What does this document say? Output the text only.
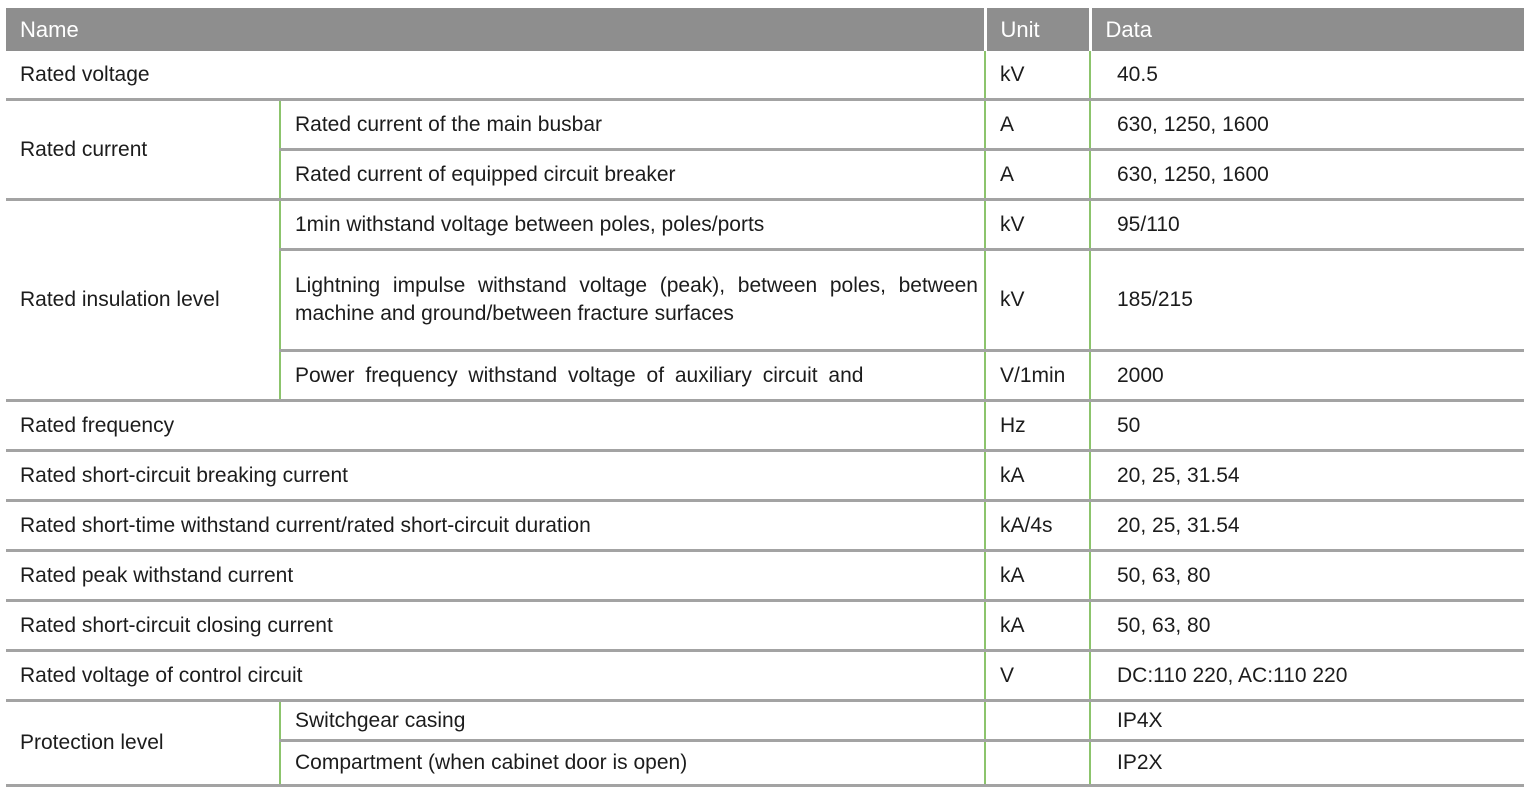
Name		Unit	Data
Rated voltage		kV	40.5
Rated current	Rated current of the main busbar	A	630, 1250, 1600
	Rated current of equipped circuit breaker	A	630, 1250, 1600
Rated insulation level	1min withstand voltage between poles, poles/ports	kV	95/110
	Lightning impulse withstand voltage (peak), between poles, between machine and ground/between fracture surfaces	kV	185/215
	Power frequency withstand voltage of auxiliary circuit and	V/1min	2000
Rated frequency		Hz	50
Rated short-circuit breaking current		kA	20, 25, 31.54
Rated short-time withstand current/rated short-circuit duration		kA/4s	20, 25, 31.54
Rated peak withstand current		kA	50, 63, 80
Rated short-circuit closing current		kA	50, 63, 80
Rated voltage of control circuit		V	DC:110 220, AC:110 220
Protection level	Switchgear casing		IP4X
	Compartment (when cabinet door is open)		IP2X
